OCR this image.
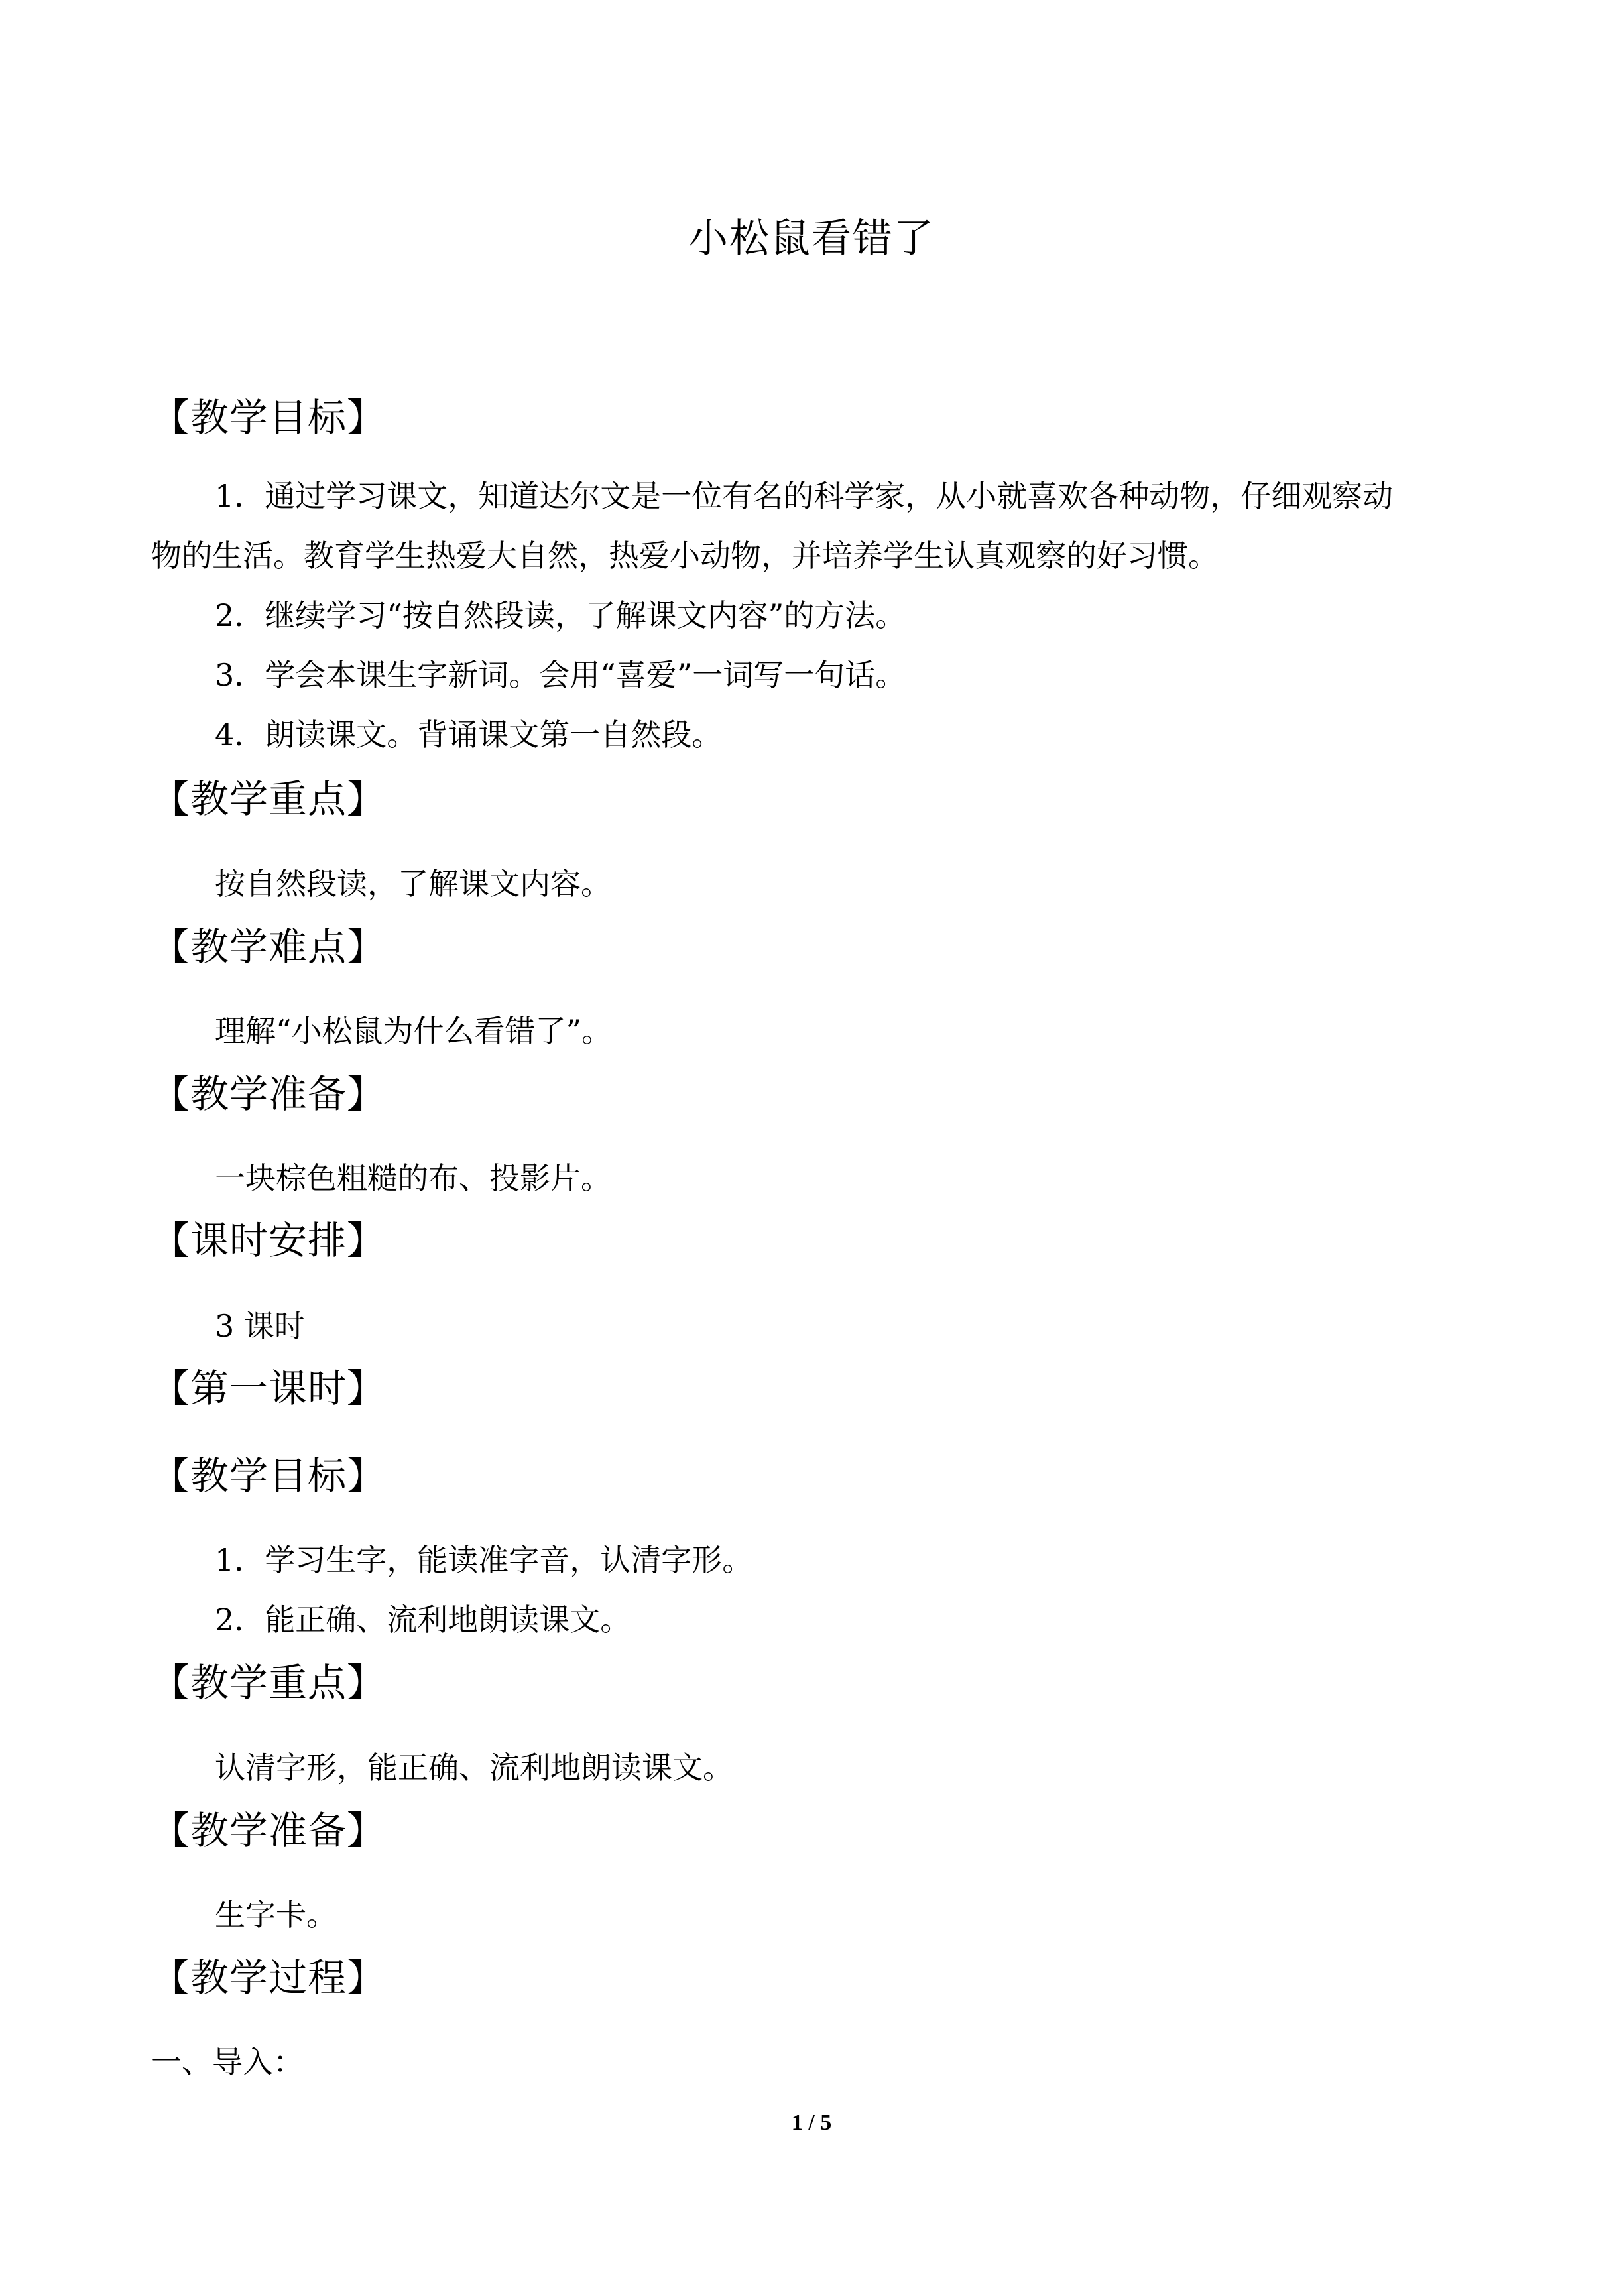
小松鼠看错了
【教学目标】
1．通过学习课文，知道达尔文是一位有名的科学家，从小就喜欢各种动物，仔细观察动
物的生活。教育学生热爱大自然，热爱小动物，并培养学生认真观察的好习惯。
2．继续学习“按自然段读，了解课文内容”的方法。
3．学会本课生字新词。会用“喜爱”一词写一句话。
4．朗读课文。背诵课文第一自然段。
【教学重点】
按自然段读，了解课文内容。
【教学难点】
理解“小松鼠为什么看错了”。
【教学准备】
一块棕色粗糙的布、投影片。
【课时安排】
3 课时
【第一课时】
【教学目标】
1．学习生字，能读准字音，认清字形。
2．能正确、流利地朗读课文。
【教学重点】
认清字形，能正确、流利地朗读课文。
【教学准备】
生字卡。
【教学过程】
一、导入：
1 / 5
